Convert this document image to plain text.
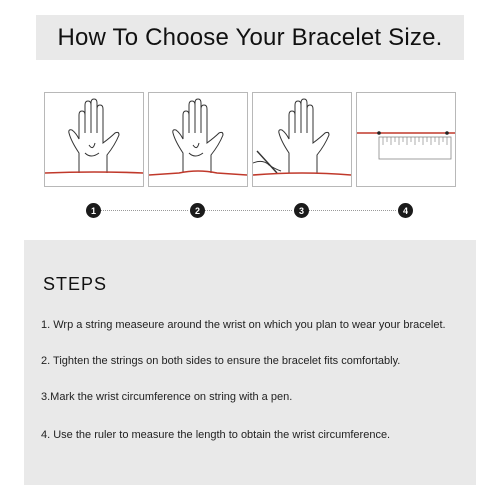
How To Choose Your Bracelet Size.
1	2	3	4
STEPS
1. Wrp a string measeure around the wrist on which you plan to wear your bracelet.
2. Tighten the strings on both sides to ensure the bracelet fits comfortably.
3.Mark the wrist circumference on string with a pen.
4. Use the ruler to measure the length to obtain the wrist circumference.
